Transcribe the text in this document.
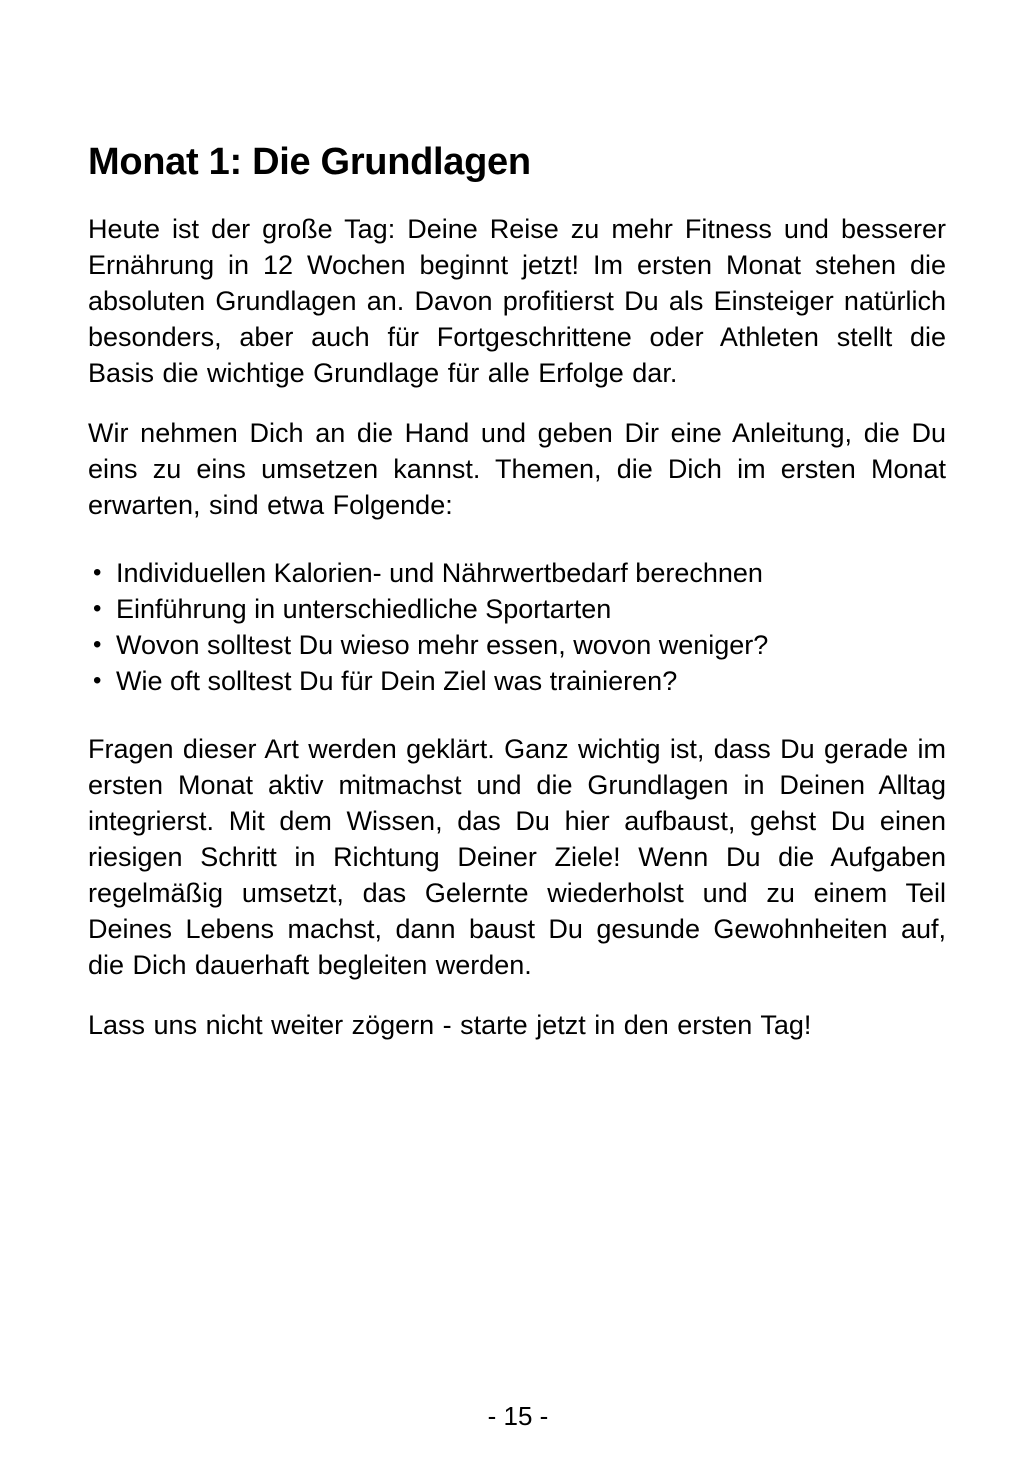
Monat 1: Die Grundlagen

Heute ist der große Tag: Deine Reise zu mehr Fitness und besserer Ernährung in 12 Wochen beginnt jetzt! Im ersten Monat stehen die absoluten Grundlagen an. Davon profitierst Du als Einsteiger natürlich besonders, aber auch für Fortgeschrittene oder Athleten stellt die Basis die wichtige Grundlage für alle Erfolge dar.

Wir nehmen Dich an die Hand und geben Dir eine Anleitung, die Du eins zu eins umsetzen kannst. Themen, die Dich im ersten Monat erwarten, sind etwa Folgende:

• Individuellen Kalorien- und Nährwertbedarf berechnen
• Einführung in unterschiedliche Sportarten
• Wovon solltest Du wieso mehr essen, wovon weniger?
• Wie oft solltest Du für Dein Ziel was trainieren?

Fragen dieser Art werden geklärt. Ganz wichtig ist, dass Du gerade im ersten Monat aktiv mitmachst und die Grundlagen in Deinen Alltag integrierst. Mit dem Wissen, das Du hier aufbaust, gehst Du einen riesigen Schritt in Richtung Deiner Ziele! Wenn Du die Aufgaben regelmäßig umsetzt, das Gelernte wiederholst und zu einem Teil Deines Lebens machst, dann baust Du gesunde Gewohnheiten auf, die Dich dauerhaft begleiten werden.

Lass uns nicht weiter zögern - starte jetzt in den ersten Tag!

- 15 -
